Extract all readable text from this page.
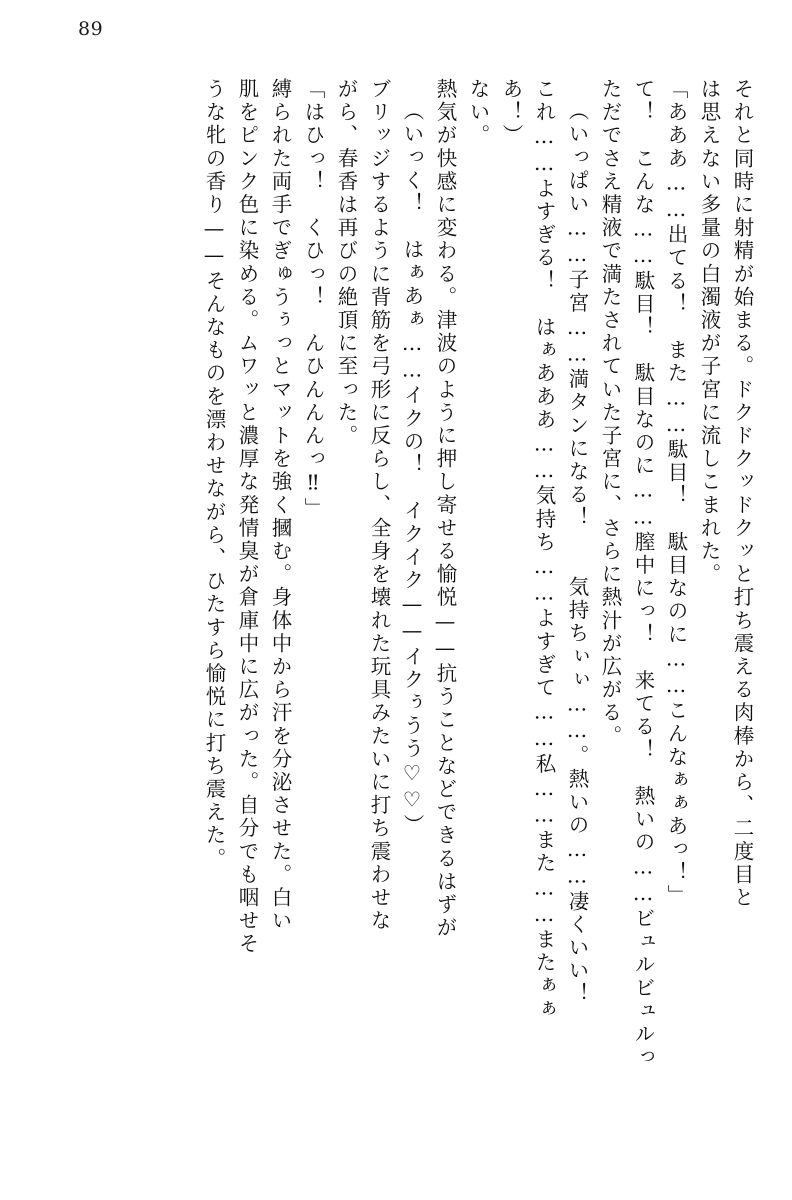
89
それと同時に射精が始まる。ドクドクッドクッと打ち震える肉棒から、二度目と
は思えない多量の白濁液が子宮に流しこまれた。
「あああ……出てる！　また……駄目！　駄目なのに……こんなぁぁあっ！」
て！　こんな……駄目！　駄目なのに……膣中にっ！　来てる！　熱いの……ビュルビュルっ
ただでさえ精液で満たされていた子宮に、さらに熱汁が広がる。
（いっぱい……子宮……満タンになる！　　気持ちぃぃ……。熱いの……凄くいい！
これ……よすぎる！　はぁあああ……気持ち……よすぎて……私……また……またぁぁ
あ！）
ない。
熱気が快感に変わる。津波のように押し寄せる愉悦——抗うことなどできるはずが
（いっく！　はぁあぁ……イクの！　イクイク——イクぅうう♡♡）
ブリッジするように背筋を弓形に反らし、全身を壊れた玩具みたいに打ち震わせな
がら、春香は再びの絶頂に至った。
「はひっ！　くひっ！　んひんんんっ‼」
縛られた両手でぎゅうぅっとマットを強く摑む。身体中から汗を分泌させた。白い
肌をピンク色に染める。ムワッと濃厚な発情臭が倉庫中に広がった。自分でも咽せそ
うな牝の香り——そんなものを漂わせながら、ひたすら愉悦に打ち震えた。
